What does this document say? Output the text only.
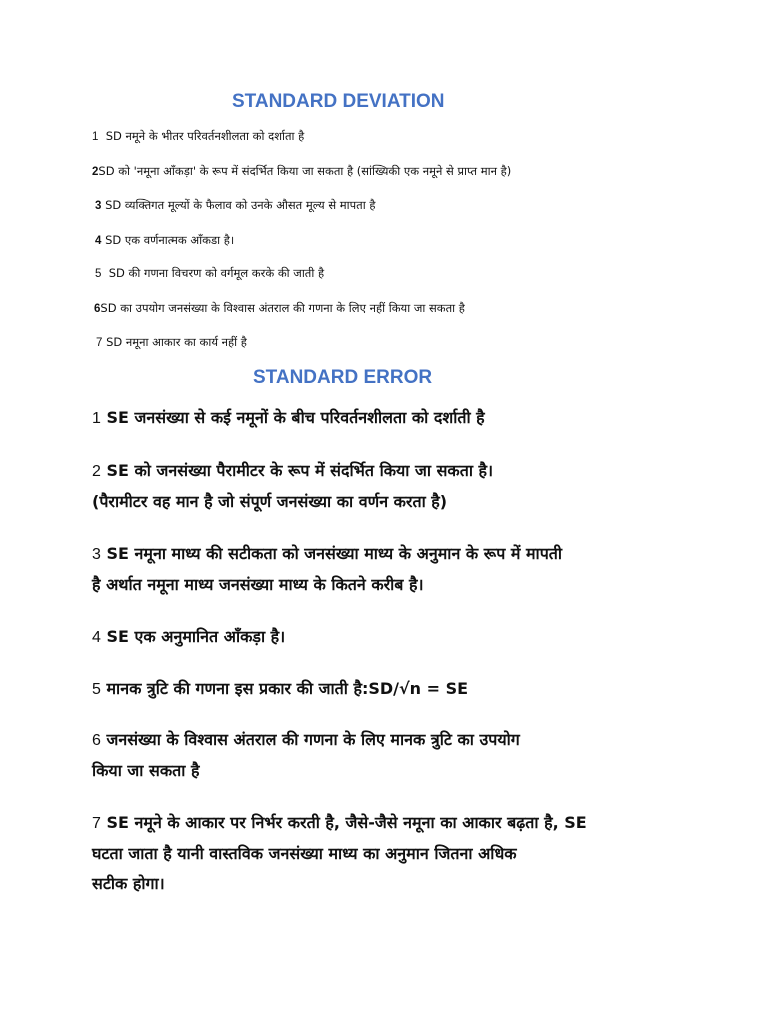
STANDARD DEVIATION
1 SD नमूने के भीतर परिवर्तनशीलता को दर्शाता है
2SD को 'नमूना आँकड़ा' के रूप में संदर्भित किया जा सकता है (सांख्यिकी एक नमूने से प्राप्त मान है)
3 SD व्यक्तिगत मूल्यों के फैलाव को उनके औसत मूल्य से मापता है
4 SD एक वर्णनात्मक आँकडा है।
5 SD की गणना विचरण को वर्गमूल करके की जाती है
6SD का उपयोग जनसंख्या के विश्वास अंतराल की गणना के लिए नहीं किया जा सकता है
7 SD नमूना आकार का कार्य नहीं है
STANDARD ERROR
1 SE जनसंख्या से कई नमूनों के बीच परिवर्तनशीलता को दर्शाती है
2 SE को जनसंख्या पैरामीटर के रूप में संदर्भित किया जा सकता है।
(पैरामीटर वह मान है जो संपूर्ण जनसंख्या का वर्णन करता है)
3 SE नमूना माध्य की सटीकता को जनसंख्या माध्य के अनुमान के रूप में मापती
है अर्थात नमूना माध्य जनसंख्या माध्य के कितने करीब है।
4 SE एक अनुमानित आँकड़ा है।
5 मानक त्रुटि की गणना इस प्रकार की जाती है:SD/√n = SE
6 जनसंख्या के विश्वास अंतराल की गणना के लिए मानक त्रुटि का उपयोग
किया जा सकता है
7 SE नमूने के आकार पर निर्भर करती है, जैसे-जैसे नमूना का आकार बढ़ता है, SE
घटता जाता है यानी वास्तविक जनसंख्या माध्य का अनुमान जितना अधिक
सटीक होगा।
